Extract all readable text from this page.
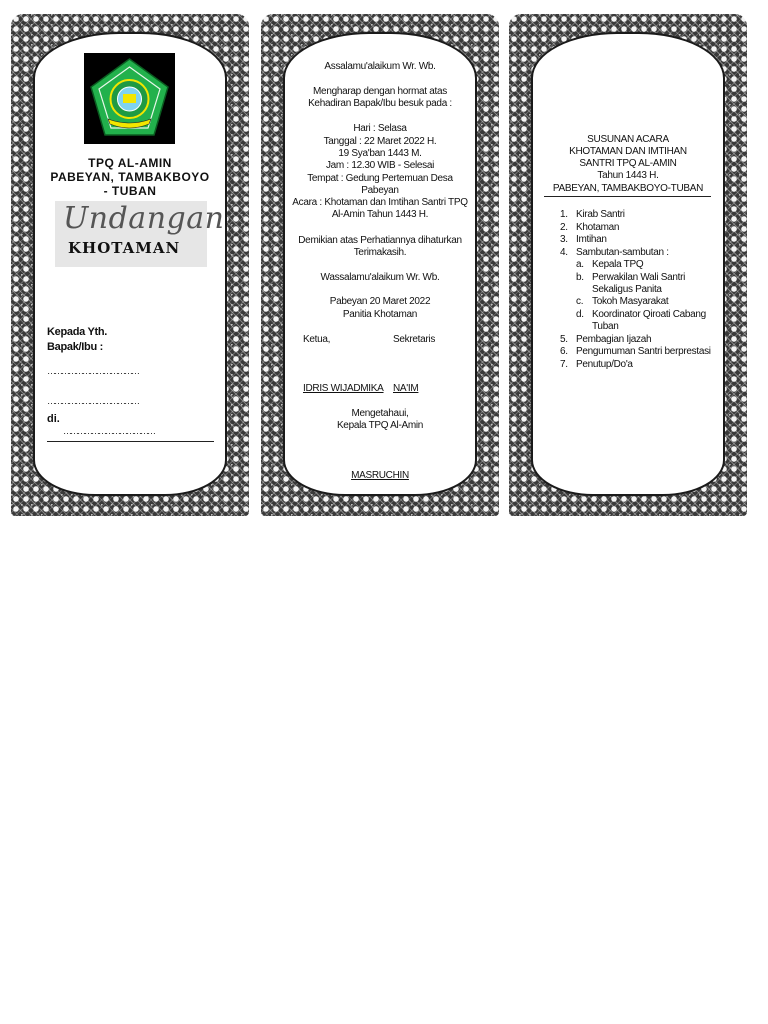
TPQ AL-AMIN
PABEYAN, TAMBAKBOYO
- TUBAN
Undangan
KHOTAMAN
Kepada Yth.
Bapak/Ibu :
…………………………………
…………………………………
di.
…………………………………
Assalamu'alaikum Wr. Wb.
Mengharap dengan hormat atas
Kehadiran Bapak/Ibu besuk pada :
Hari : Selasa
Tanggal : 22 Maret 2022 H.
19 Sya'ban 1443 M.
Jam : 12.30 WIB - Selesai
Tempat : Gedung Pertemuan Desa
Pabeyan
Acara : Khotaman dan Imtihan Santri TPQ
Al-Amin Tahun 1443 H.
Demikian atas Perhatiannya dihaturkan
Terimakasih.
Wassalamu'alaikum Wr. Wb.
Pabeyan 20 Maret 2022
Panitia Khotaman
Ketua,	Sekretaris
IDRIS WIJADMIKA NA'IM
Mengetahaui,
Kepala TPQ Al-Amin
MASRUCHIN
SUSUNAN ACARA
KHOTAMAN DAN IMTIHAN
SANTRI TPQ AL-AMIN
Tahun 1443 H.
PABEYAN, TAMBAKBOYO-TUBAN
1. Kirab Santri
2. Khotaman
3. Imtihan
4. Sambutan-sambutan :
a. Kepala TPQ
b. Perwakilan Wali Santri
Sekaligus Panita
c. Tokoh Masyarakat
d. Koordinator Qiroati Cabang
Tuban
5. Pembagian Ijazah
6. Pengumuman Santri berprestasi
7. Penutup/Do'a
